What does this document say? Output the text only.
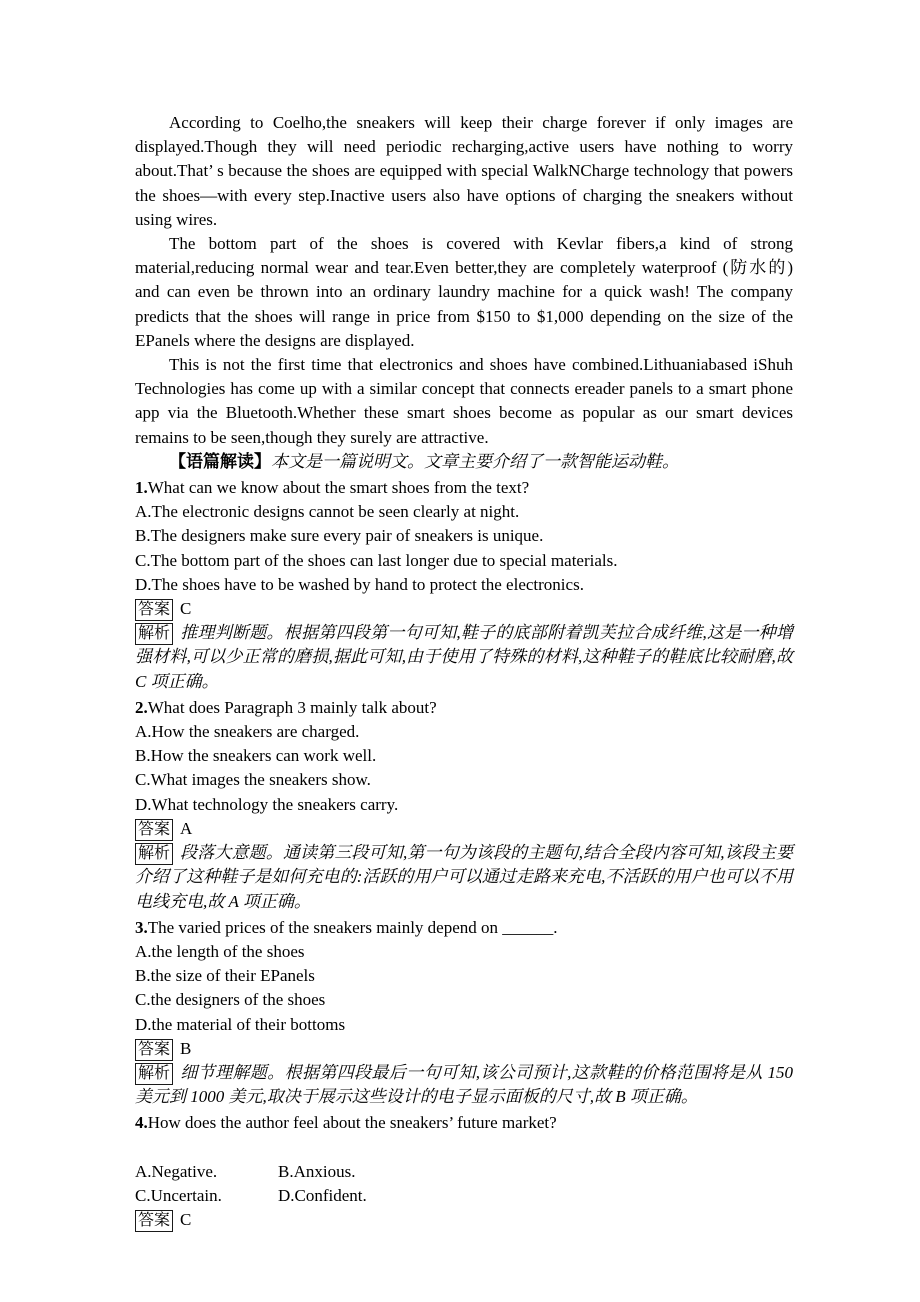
According to Coelho,the sneakers will keep their charge forever if only images are displayed.Though they will need periodic recharging,active users have nothing to worry about.That’ s because the shoes are equipped with special WalkNCharge technology that powers the shoes—with every step.Inactive users also have options of charging the sneakers without using wires.

The bottom part of the shoes is covered with Kevlar fibers,a kind of strong material,reducing normal wear and tear.Even better,they are completely waterproof (防水的) and can even be thrown into an ordinary laundry machine for a quick wash! The company predicts that the shoes will range in price from $150 to $1,000 depending on the size of the EPanels where the designs are displayed.

This is not the first time that electronics and shoes have combined.Lithuaniabased iShuh Technologies has come up with a similar concept that connects ereader panels to a smart phone app via the Bluetooth.Whether these smart shoes become as popular as our smart devices remains to be seen,though they surely are attractive.

【语篇解读】本文是一篇说明文。文章主要介绍了一款智能运动鞋。

1.What can we know about the smart shoes from the text?

A.The electronic designs cannot be seen clearly at night.

B.The designers make sure every pair of sneakers is unique.

C.The bottom part of the shoes can last longer due to special materials.

D.The shoes have to be washed by hand to protect the electronics.

答案 C

解析 推理判断题。根据第四段第一句可知,鞋子的底部附着凯芙拉合成纤维,这是一种增强材料,可以少正常的磨损,据此可知,由于使用了特殊的材料,这种鞋子的鞋底比较耐磨,故 C 项正确。

2.What does Paragraph 3 mainly talk about?

A.How the sneakers are charged.

B.How the sneakers can work well.

C.What images the sneakers show.

D.What technology the sneakers carry.

答案 A

解析 段落大意题。通读第三段可知,第一句为该段的主题句,结合全段内容可知,该段主要介绍了这种鞋子是如何充电的:活跃的用户可以通过走路来充电,不活跃的用户也可以不用电线充电,故 A 项正确。

3.The varied prices of the sneakers mainly depend on ______.

A.the length of the shoes

B.the size of their EPanels

C.the designers of the shoes

D.the material of their bottoms

答案 B

解析 细节理解题。根据第四段最后一句可知,该公司预计,这款鞋的价格范围将是从 150 美元到 1000 美元,取决于展示这些设计的电子显示面板的尺寸,故 B 项正确。

4.How does the author feel about the sneakers’ future market?

A.Negative.	B.Anxious.

C.Uncertain.	D.Confident.

答案 C
